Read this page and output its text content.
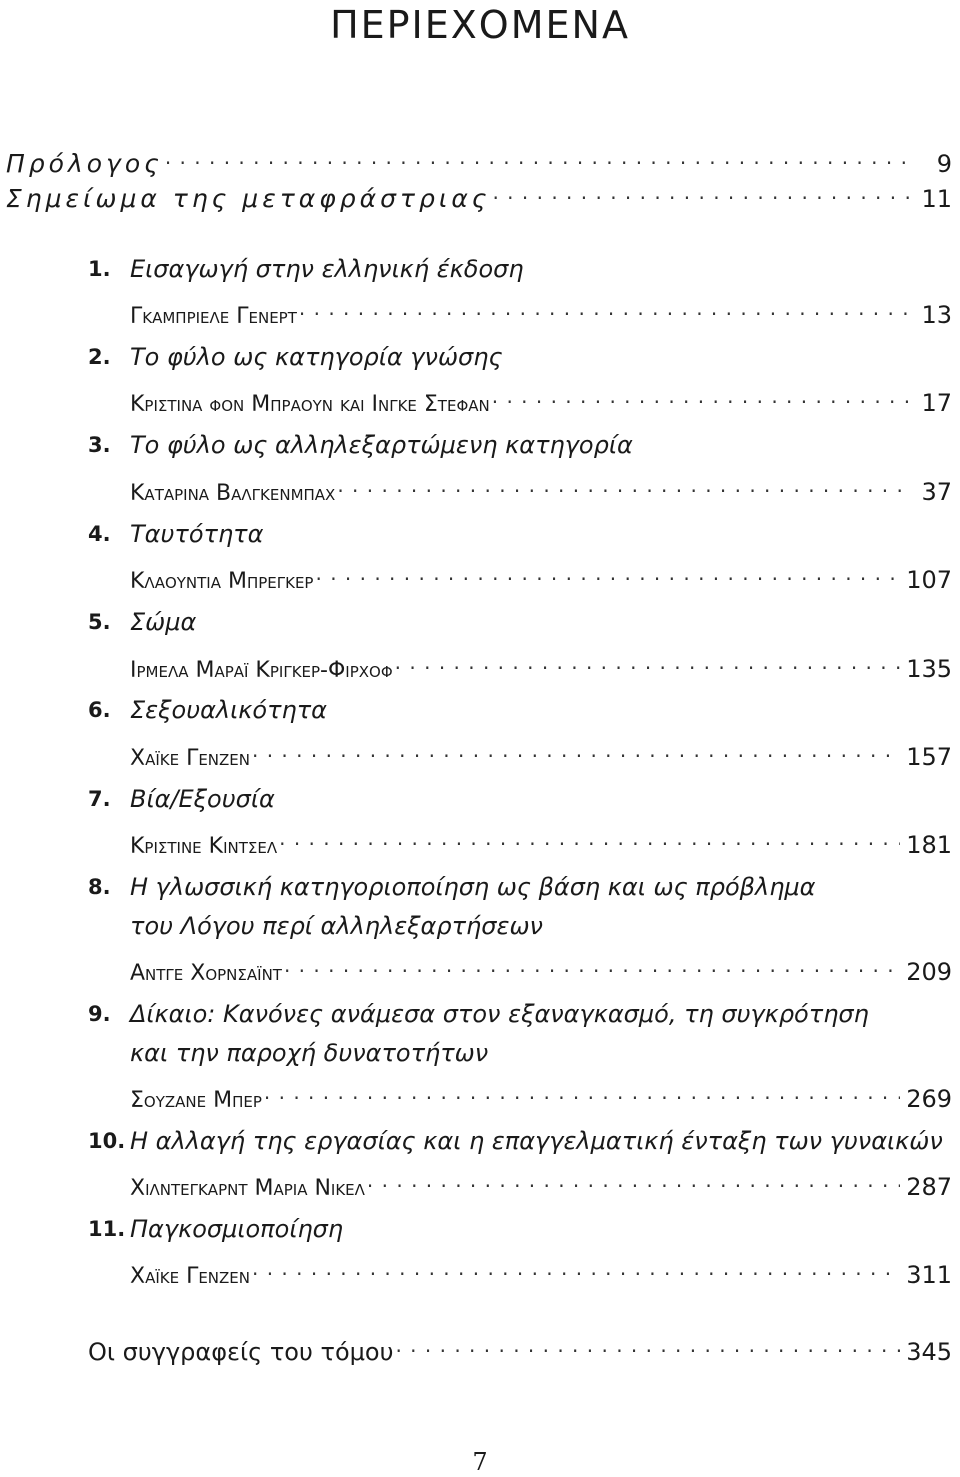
ΠΕΡΙΕΧΟΜΕΝΑ
Πρόλογος . . .	9
Σημείωμα της μεταφράστριας . . .	11
1. Εισαγωγή στην ελληνική έκδοση
Γκαμπριελε Γενερτ . . .	13
2. Το φύλο ως κατηγορία γνώσης
Κριστινα φον Μπραουν και Ινγκε Στεφαν . . .	17
3. Το φύλο ως αλληλεξαρτώμενη κατηγορία
Καταρινα Βαλγκενμπαχ . . .	37
4. Ταυτότητα
Κλαουντια Μπρεγκερ . . .	107
5. Σώμα
Ιρμελα Μαραϊ Κριγκερ-Φιρχοφ . . .	135
6. Σεξουαλικότητα
Χαϊκε Γενζεν . . .	157
7. Βία/Εξουσία
Κριστινε Κιντσελ . . .	181
8. Η γλωσσική κατηγοριοποίηση ως βάση και ως πρόβλημα
του Λόγου περί αλληλεξαρτήσεων
Αντγε Χορνσαϊντ . . .	209
9. Δίκαιο: Κανόνες ανάμεσα στον εξαναγκασμό, τη συγκρότηση
και την παροχή δυνατοτήτων
Σουζανε Μπερ . . .	269
10. Η αλλαγή της εργασίας και η επαγγελματική ένταξη των γυναικών
Χιλντεγκαρντ Μαρια Νικελ . . .	287
11. Παγκοσμιοποίηση
Χαϊκε Γενζεν . . .	311
Οι συγγραφείς του τόμου . . .	345
7
